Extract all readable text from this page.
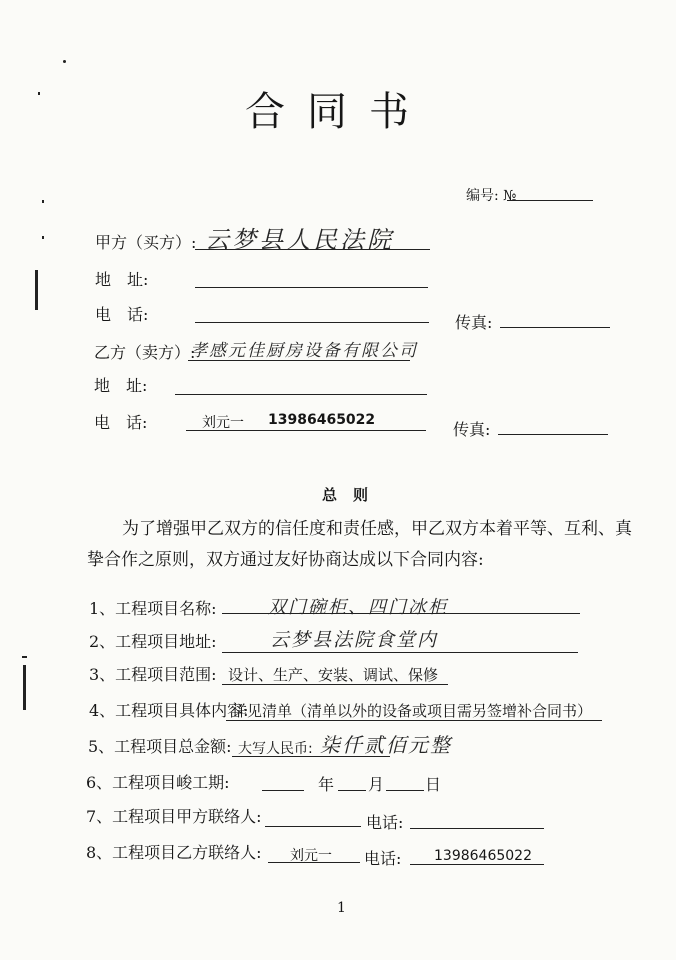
合同书
编号: №
甲方（买方）: 云梦县人民法院
地　址:
电　话:	传真:
乙方（卖方）:
孝感元佳厨房设备有限公司
地　址:
电　话:	刘元一 13986465022	传真:
总则
为了增强甲乙双方的信任度和责任感，甲乙双方本着平等、互利、真
挚合作之原则，双方通过友好协商达成以下合同内容:
1、工程项目名称:	双门碗柜、四门冰柜
2、工程项目地址:	云梦县法院食堂内
3、工程项目范围: 设计、生产、安装、调试、保修
4、工程项目具体内容:
详见清单（清单以外的设备或项目需另签增补合同书）
5、工程项目总金额: 大写人民币: 柒仟贰佰元整
6、工程项目峻工期:	年 月	日
7、工程项目甲方联络人:	电话:
8、工程项目乙方联络人: 刘元一 电话: 13986465022
1
